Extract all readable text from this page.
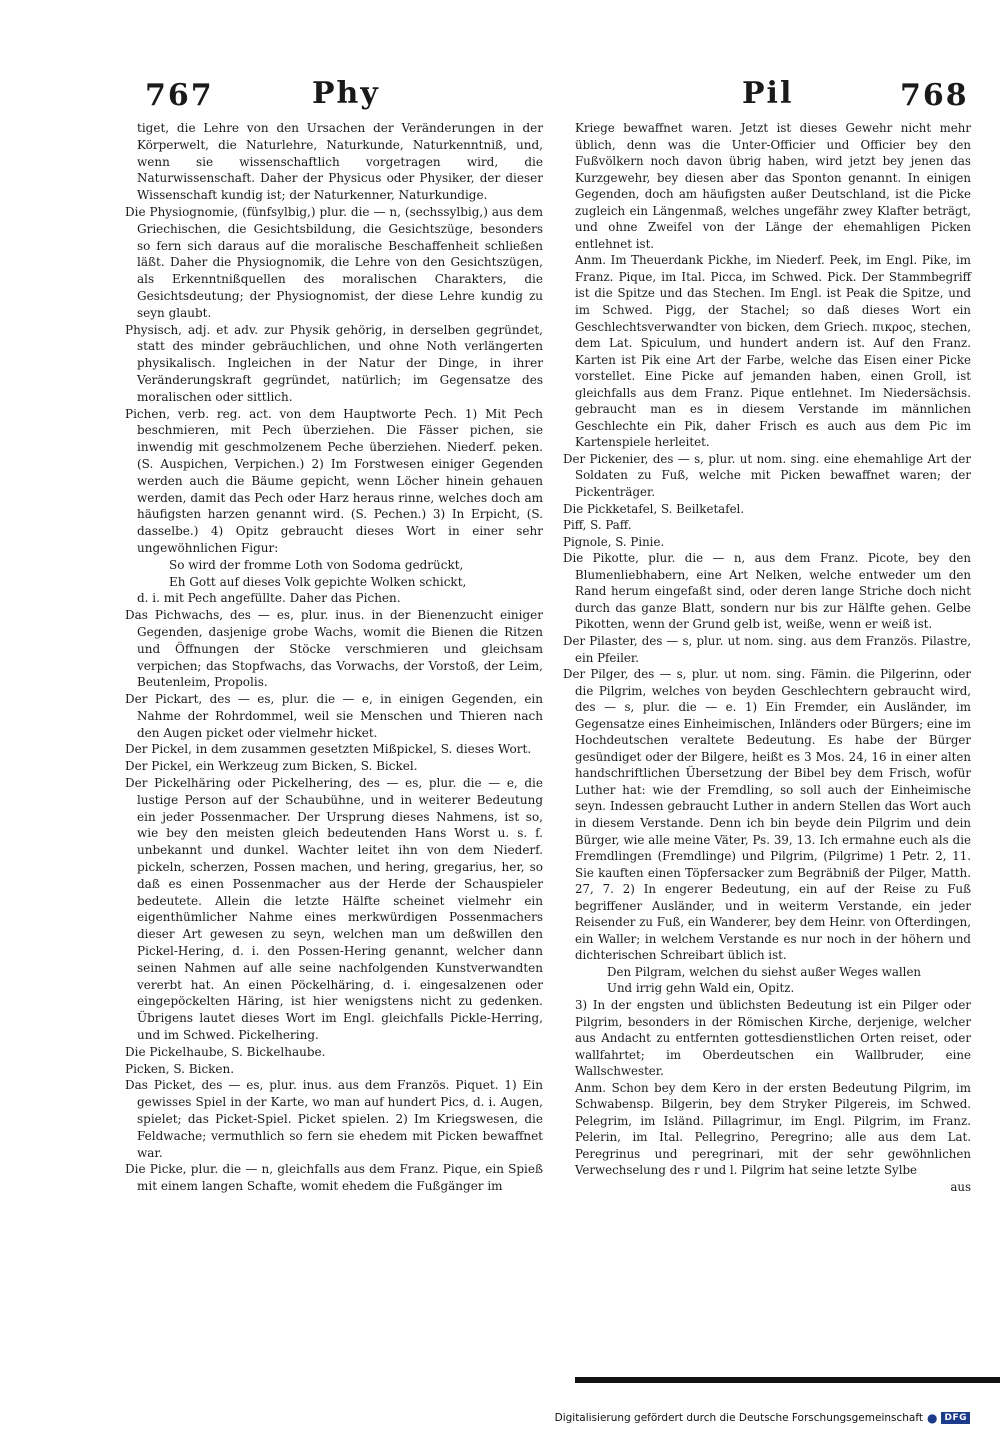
767	Phy	Pil	768

tiget, die Lehre von den Ursachen der Veränderungen in der Körperwelt, die Naturlehre, Naturkunde, Naturkenntniß, und, wenn sie wissenschaftlich vorgetragen wird, die Naturwissenschaft. Daher der Physicus oder Physiker, der dieser Wissenschaft kundig ist; der Naturkenner, Naturkundige.

Die Physiognomie, (fünfsylbig,) plur. die — n, (sechssylbig,) aus dem Griechischen, die Gesichtsbildung, die Gesichtszüge, besonders so fern sich daraus auf die moralische Beschaffenheit schließen läßt. Daher die Physiognomik, die Lehre von den Gesichtszügen, als Erkenntnißquellen des moralischen Charakters, die Gesichtsdeutung; der Physiognomist, der diese Lehre kundig zu seyn glaubt.

Physisch, adj. et adv. zur Physik gehörig, in derselben gegründet, statt des minder gebräuchlichen, und ohne Noth verlängerten physikalisch. Ingleichen in der Natur der Dinge, in ihrer Veränderungskraft gegründet, natürlich; im Gegensatze des moralischen oder sittlich.

Pichen, verb. reg. act. von dem Hauptworte Pech. 1) Mit Pech beschmieren, mit Pech überziehen. Die Fässer pichen, sie inwendig mit geschmolzenem Peche überziehen. Niederf. peken. (S. Auspichen, Verpichen.) 2) Im Forstwesen einiger Gegenden werden auch die Bäume gepicht, wenn Löcher hinein gehauen werden, damit das Pech oder Harz heraus rinne, welches doch am häufigsten harzen genannt wird. (S. Pechen.) 3) In Erpicht, (S. dasselbe.) 4) Opitz gebraucht dieses Wort in einer sehr ungewöhnlichen Figur:

So wird der fromme Loth von Sodoma gedrückt,

Eh Gott auf dieses Volk gepichte Wolken schickt,

d. i. mit Pech angefüllte. Daher das Pichen.

Das Pichwachs, des — es, plur. inus. in der Bienenzucht einiger Gegenden, dasjenige grobe Wachs, womit die Bienen die Ritzen und Öffnungen der Stöcke verschmieren und gleichsam verpichen; das Stopfwachs, das Vorwachs, der Vorstoß, der Leim, Beutenleim, Propolis.

Der Pickart, des — es, plur. die — e, in einigen Gegenden, ein Nahme der Rohrdommel, weil sie Menschen und Thieren nach den Augen picket oder vielmehr hicket.

Der Pickel, in dem zusammen gesetzten Mißpickel, S. dieses Wort.

Der Pickel, ein Werkzeug zum Bicken, S. Bickel.

Der Pickelhäring oder Pickelhering, des — es, plur. die — e, die lustige Person auf der Schaubühne, und in weiterer Bedeutung ein jeder Possenmacher. Der Ursprung dieses Nahmens, ist so, wie bey den meisten gleich bedeutenden Hans Worst u. s. f. unbekannt und dunkel. Wachter leitet ihn von dem Niederf. pickeln, scherzen, Possen machen, und hering, gregarius, her, so daß es einen Possenmacher aus der Herde der Schauspieler bedeutete. Allein die letzte Hälfte scheinet vielmehr ein eigenthümlicher Nahme eines merkwürdigen Possenmachers dieser Art gewesen zu seyn, welchen man um deßwillen den Pickel-Hering, d. i. den Possen-Hering genannt, welcher dann seinen Nahmen auf alle seine nachfolgenden Kunstverwandten vererbt hat. An einen Pöckelhäring, d. i. eingesalzenen oder eingepöckelten Häring, ist hier wenigstens nicht zu gedenken. Übrigens lautet dieses Wort im Engl. gleichfalls Pickle-Herring, und im Schwed. Pickelhering.

Die Pickelhaube, S. Bickelhaube.

Picken, S. Bicken.

Das Picket, des — es, plur. inus. aus dem Französ. Piquet. 1) Ein gewisses Spiel in der Karte, wo man auf hundert Pics, d. i. Augen, spielet; das Picket-Spiel. Picket spielen. 2) Im Kriegswesen, die Feldwache; vermuthlich so fern sie ehedem mit Picken bewaffnet war.

Die Picke, plur. die — n, gleichfalls aus dem Franz. Pique, ein Spieß mit einem langen Schafte, womit ehedem die Fußgänger im

Kriege bewaffnet waren. Jetzt ist dieses Gewehr nicht mehr üblich, denn was die Unter-Officier und Officier bey den Fußvölkern noch davon übrig haben, wird jetzt bey jenen das Kurzgewehr, bey diesen aber das Sponton genannt. In einigen Gegenden, doch am häufigsten außer Deutschland, ist die Picke zugleich ein Längenmaß, welches ungefähr zwey Klafter beträgt, und ohne Zweifel von der Länge der ehemahligen Picken entlehnet ist.

Anm. Im Theuerdank Pickhe, im Niederf. Peek, im Engl. Pike, im Franz. Pique, im Ital. Picca, im Schwed. Pick. Der Stammbegriff ist die Spitze und das Stechen. Im Engl. ist Peak die Spitze, und im Schwed. Pigg, der Stachel; so daß dieses Wort ein Geschlechtsverwandter von bicken, dem Griech. πικρος, stechen, dem Lat. Spiculum, und hundert andern ist. Auf den Franz. Karten ist Pik eine Art der Farbe, welche das Eisen einer Picke vorstellet. Eine Picke auf jemanden haben, einen Groll, ist gleichfalls aus dem Franz. Pique entlehnet. Im Niedersächsis. gebraucht man es in diesem Verstande im männlichen Geschlechte ein Pik, daher Frisch es auch aus dem Pic im Kartenspiele herleitet.

Der Pickenier, des — s, plur. ut nom. sing. eine ehemahlige Art der Soldaten zu Fuß, welche mit Picken bewaffnet waren; der Pickenträger.

Die Pickketafel, S. Beilketafel.

Piff, S. Paff.

Pignole, S. Pinie.

Die Pikotte, plur. die — n, aus dem Franz. Picote, bey den Blumenliebhabern, eine Art Nelken, welche entweder um den Rand herum eingefaßt sind, oder deren lange Striche doch nicht durch das ganze Blatt, sondern nur bis zur Hälfte gehen. Gelbe Pikotten, wenn der Grund gelb ist, weiße, wenn er weiß ist.

Der Pilaster, des — s, plur. ut nom. sing. aus dem Französ. Pilastre, ein Pfeiler.

Der Pilger, des — s, plur. ut nom. sing. Fämin. die Pilgerinn, oder die Pilgrim, welches von beyden Geschlechtern gebraucht wird, des — s, plur. die — e. 1) Ein Fremder, ein Ausländer, im Gegensatze eines Einheimischen, Inländers oder Bürgers; eine im Hochdeutschen veraltete Bedeutung. Es habe der Bürger gesündiget oder der Bilgere, heißt es 3 Mos. 24, 16 in einer alten handschriftlichen Übersetzung der Bibel bey dem Frisch, wofür Luther hat: wie der Fremdling, so soll auch der Einheimische seyn. Indessen gebraucht Luther in andern Stellen das Wort auch in diesem Verstande. Denn ich bin beyde dein Pilgrim und dein Bürger, wie alle meine Väter, Ps. 39, 13. Ich ermahne euch als die Fremdlingen (Fremdlinge) und Pilgrim, (Pilgrime) 1 Petr. 2, 11. Sie kauften einen Töpfersacker zum Begräbniß der Pilger, Matth. 27, 7. 2) In engerer Bedeutung, ein auf der Reise zu Fuß begriffener Ausländer, und in weiterm Verstande, ein jeder Reisender zu Fuß, ein Wanderer, bey dem Heinr. von Ofterdingen, ein Waller; in welchem Verstande es nur noch in der höhern und dichterischen Schreibart üblich ist.

Den Pilgram, welchen du siehst außer Weges wallen

Und irrig gehn Wald ein, Opitz.

3) In der engsten und üblichsten Bedeutung ist ein Pilger oder Pilgrim, besonders in der Römischen Kirche, derjenige, welcher aus Andacht zu entfernten gottesdienstlichen Orten reiset, oder wallfahrtet; im Oberdeutschen ein Wallbruder, eine Wallschwester.

Anm. Schon bey dem Kero in der ersten Bedeutung Pilgrim, im Schwabensp. Bilgerin, bey dem Stryker Pilgereis, im Schwed. Pelegrim, im Isländ. Pillagrimur, im Engl. Pilgrim, im Franz. Pelerin, im Ital. Pellegrino, Peregrino; alle aus dem Lat. Peregrinus und peregrinari, mit der sehr gewöhnlichen Verwechselung des r und l. Pilgrim hat seine letzte Sylbe

aus

Digitalisierung gefördert durch die Deutsche Forschungsgemeinschaft ● DFG
